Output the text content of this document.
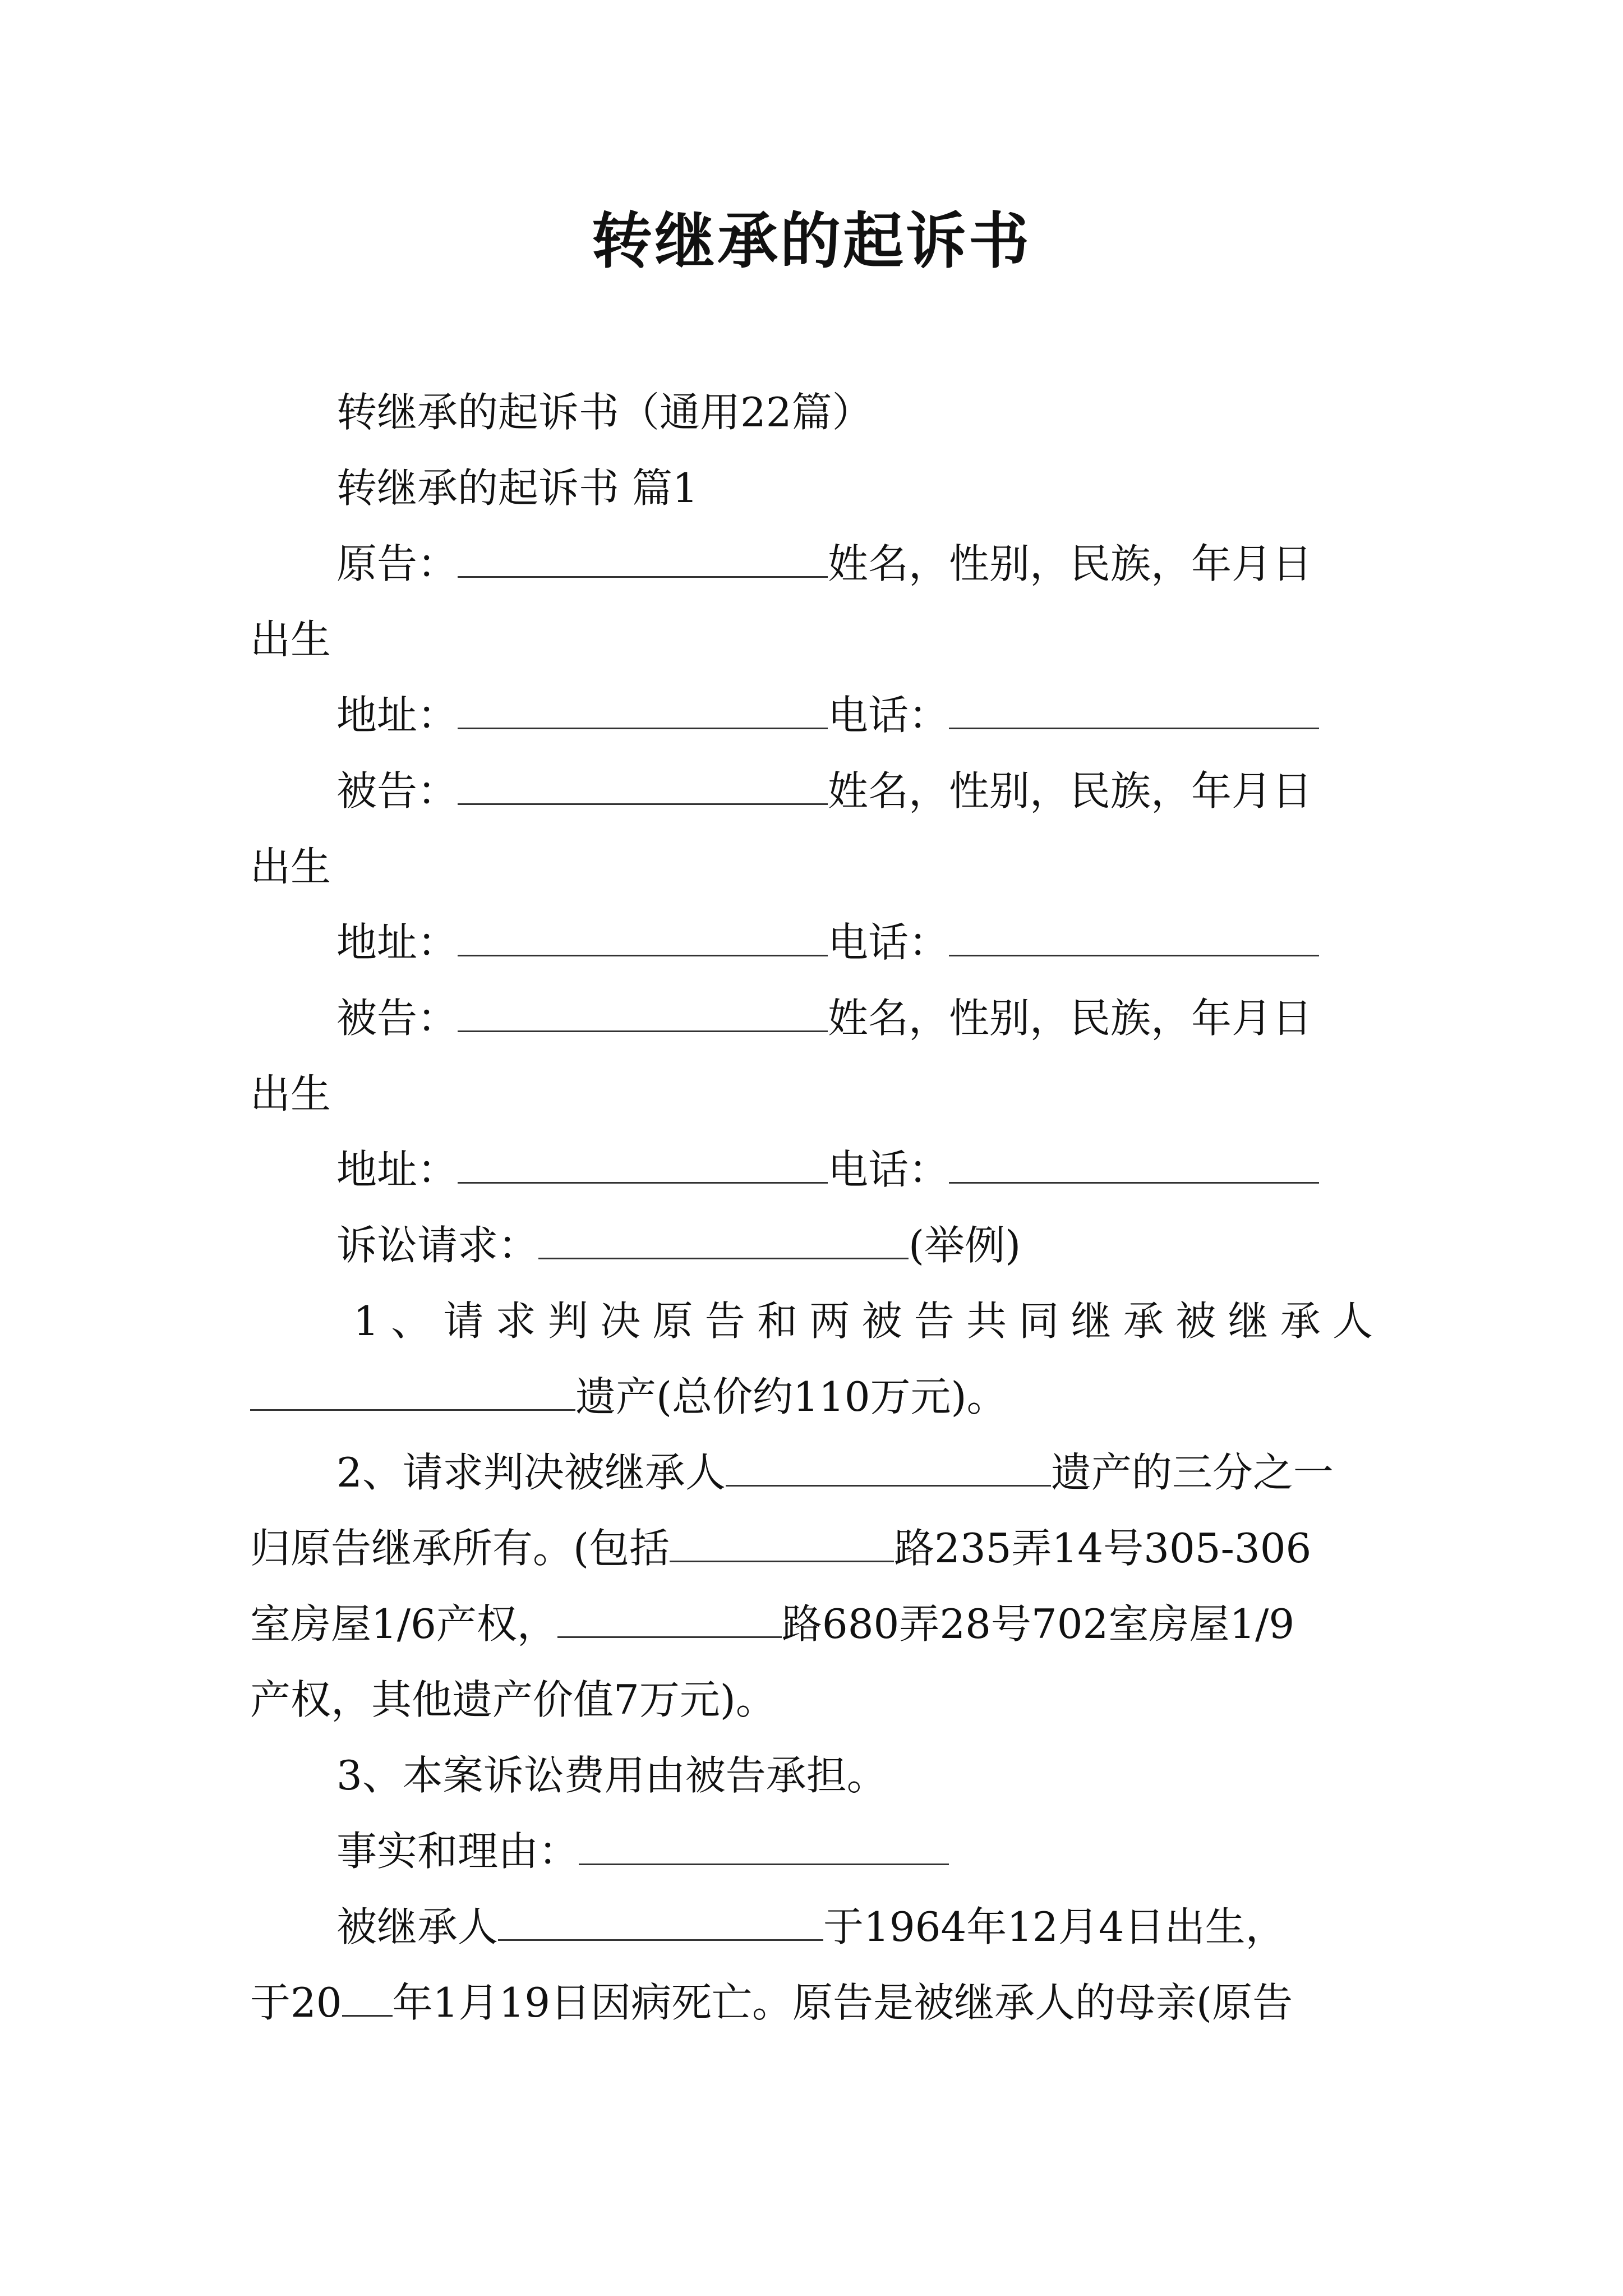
转继承的起诉书
转继承的起诉书（通用22篇）
转继承的起诉书 篇1
原告：	姓名，性别，民族，年月日
出生
地址：	电话：
被告：	姓名，性别，民族，年月日
出生
地址：	电话：
被告：	姓名，性别，民族，年月日
出生
地址：	电话：
诉讼请求：	(举例)
1、请求判决原告和两被告共同继承被继承人
遗产(总价约110万元)。
2、请求判决被继承人	遗产的三分之一
归原告继承所有。(包括	路235弄14号305-306
室房屋1/6产权，	路680弄28号702室房屋1/9
产权，其他遗产价值7万元)。
3、本案诉讼费用由被告承担。
事实和理由：
被继承人	于1964年12月4日出生，
于20 年1月19日因病死亡。原告是被继承人的母亲(原告
